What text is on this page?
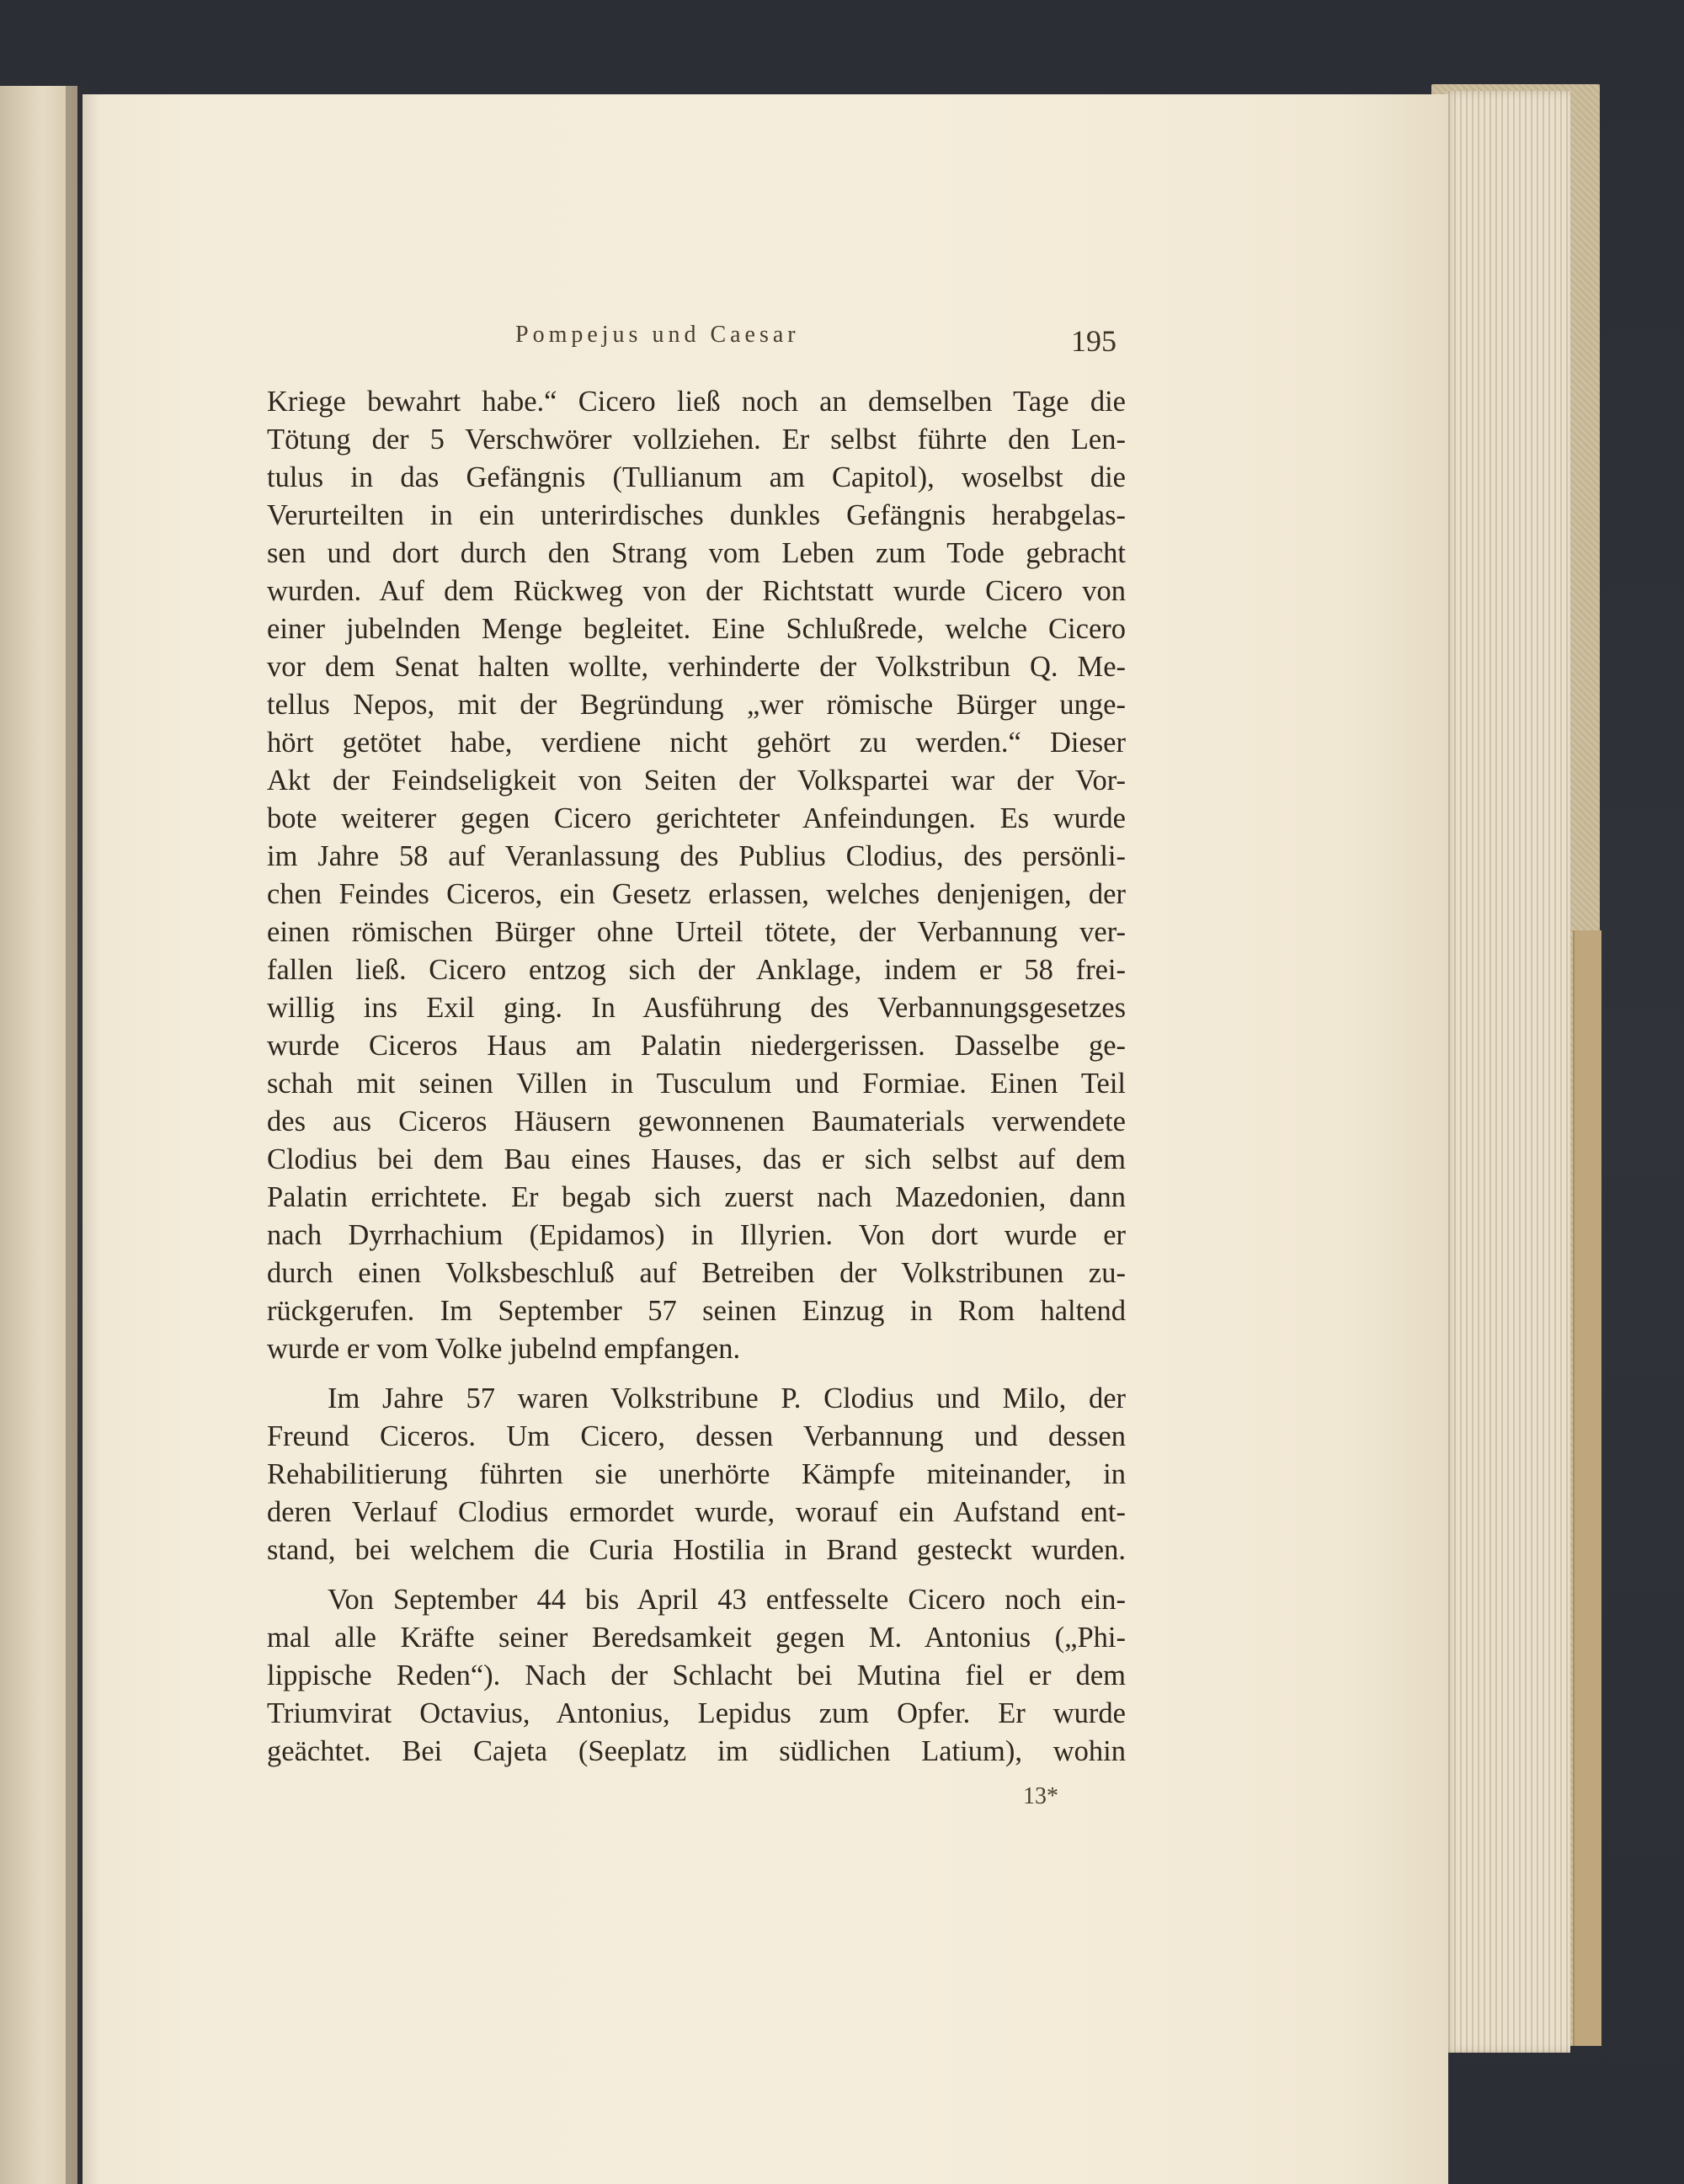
Pompejus und Caesar	195

Kriege bewahrt habe.“ Cicero ließ noch an demselben Tage die
Tötung der 5 Verschwörer vollziehen. Er selbst führte den Len-
tulus in das Gefängnis (Tullianum am Capitol), woselbst die
Verurteilten in ein unterirdisches dunkles Gefängnis herabgelas-
sen und dort durch den Strang vom Leben zum Tode gebracht
wurden. Auf dem Rückweg von der Richtstatt wurde Cicero von
einer jubelnden Menge begleitet. Eine Schlußrede, welche Cicero
vor dem Senat halten wollte, verhinderte der Volkstribun Q. Me-
tellus Nepos, mit der Begründung „wer römische Bürger unge-
hört getötet habe, verdiene nicht gehört zu werden.“ Dieser
Akt der Feindseligkeit von Seiten der Volkspartei war der Vor-
bote weiterer gegen Cicero gerichteter Anfeindungen. Es wurde
im Jahre 58 auf Veranlassung des Publius Clodius, des persönli-
chen Feindes Ciceros, ein Gesetz erlassen, welches denjenigen, der
einen römischen Bürger ohne Urteil tötete, der Verbannung ver-
fallen ließ. Cicero entzog sich der Anklage, indem er 58 frei-
willig ins Exil ging. In Ausführung des Verbannungsgesetzes
wurde Ciceros Haus am Palatin niedergerissen. Dasselbe ge-
schah mit seinen Villen in Tusculum und Formiae. Einen Teil
des aus Ciceros Häusern gewonnenen Baumaterials verwendete
Clodius bei dem Bau eines Hauses, das er sich selbst auf dem
Palatin errichtete. Er begab sich zuerst nach Mazedonien, dann
nach Dyrrhachium (Epidamos) in Illyrien. Von dort wurde er
durch einen Volksbeschluß auf Betreiben der Volkstribunen zu-
rückgerufen. Im September 57 seinen Einzug in Rom haltend
wurde er vom Volke jubelnd empfangen.

Im Jahre 57 waren Volkstribune P. Clodius und Milo, der
Freund Ciceros. Um Cicero, dessen Verbannung und dessen
Rehabilitierung führten sie unerhörte Kämpfe miteinander, in
deren Verlauf Clodius ermordet wurde, worauf ein Aufstand ent-
stand, bei welchem die Curia Hostilia in Brand gesteckt wurden.

Von September 44 bis April 43 entfesselte Cicero noch ein-
mal alle Kräfte seiner Beredsamkeit gegen M. Antonius („Phi-
lippische Reden“). Nach der Schlacht bei Mutina fiel er dem
Triumvirat Octavius, Antonius, Lepidus zum Opfer. Er wurde
geächtet. Bei Cajeta (Seeplatz im südlichen Latium), wohin

13*
